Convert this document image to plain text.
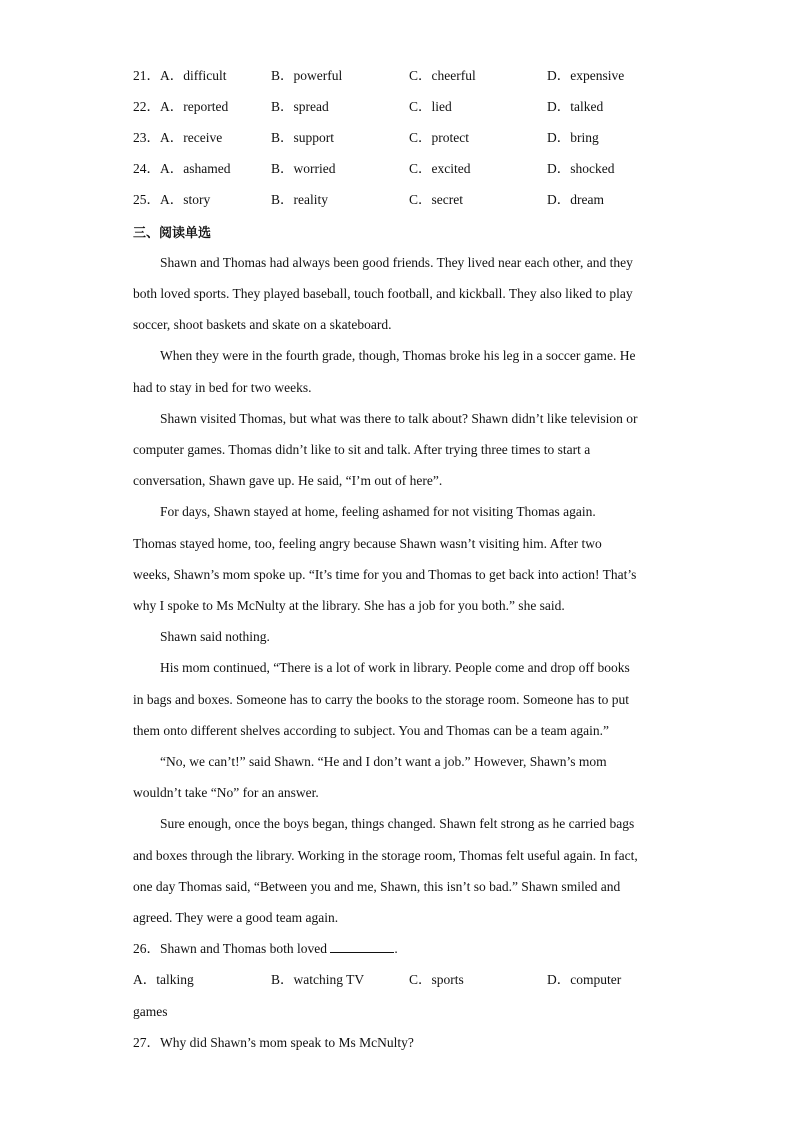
21．A．difficult	B．powerful	C．cheerful	D．expensive
22．A．reported	B．spread	C．lied	D．talked
23．A．receive	B．support	C．protect	D．bring
24．A．ashamed	B．worried	C．excited	D．shocked
25．A．story	B．reality	C．secret	D．dream
三、阅读单选
Shawn and Thomas had always been good friends. They lived near each other, and they
both loved sports. They played baseball, touch football, and kickball. They also liked to play
soccer, shoot baskets and skate on a skateboard.
When they were in the fourth grade, though, Thomas broke his leg in a soccer game. He
had to stay in bed for two weeks.
Shawn visited Thomas, but what was there to talk about? Shawn didn’t like television or
computer games. Thomas didn’t like to sit and talk. After trying three times to start a
conversation, Shawn gave up. He said, “I’m out of here”.
For days, Shawn stayed at home, feeling ashamed for not visiting Thomas again.
Thomas stayed home, too, feeling angry because Shawn wasn’t visiting him. After two
weeks, Shawn’s mom spoke up. “It’s time for you and Thomas to get back into action! That’s
why I spoke to Ms McNulty at the library. She has a job for you both.” she said.
Shawn said nothing.
His mom continued, “There is a lot of work in library. People come and drop off books
in bags and boxes. Someone has to carry the books to the storage room. Someone has to put
them onto different shelves according to subject. You and Thomas can be a team again.”
“No, we can’t!” said Shawn. “He and I don’t want a job.” However, Shawn’s mom
wouldn’t take “No” for an answer.
Sure enough, once the boys began, things changed. Shawn felt strong as he carried bags
and boxes through the library. Working in the storage room, Thomas felt useful again. In fact,
one day Thomas said, “Between you and me, Shawn, this isn’t so bad.” Shawn smiled and
agreed. They were a good team again.
26．Shawn and Thomas both loved	.
A．talking	B．watching TV	C．sports	D．computer
games
27．Why did Shawn’s mom speak to Ms McNulty?
